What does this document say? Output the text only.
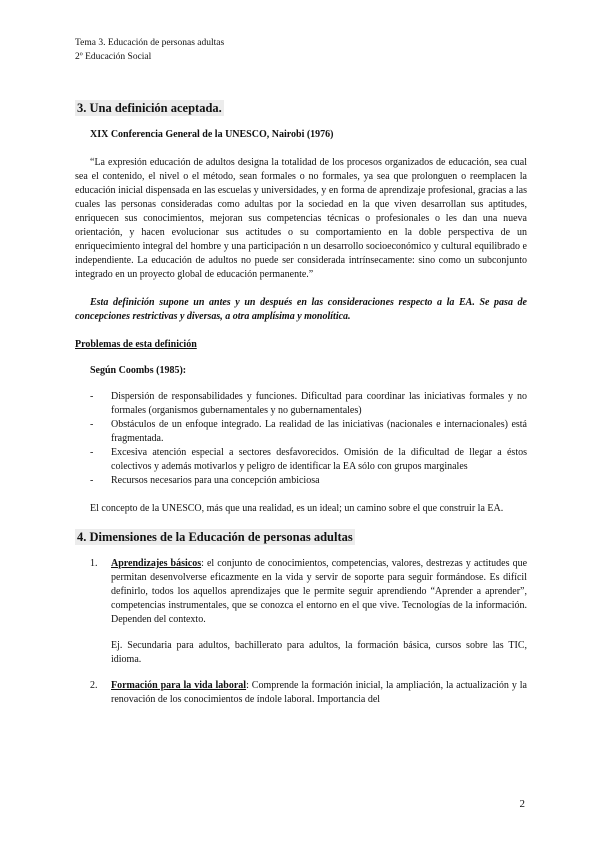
Tema 3. Educación de personas adultas
2º Educación Social
3. Una definición aceptada.

XIX Conferencia General de la UNESCO, Nairobi (1976)

“La expresión educación de adultos designa la totalidad de los procesos organizados de educación, sea cual sea el contenido, el nivel o el método, sean formales o no formales, ya sea que prolonguen o reemplacen la educación inicial dispensada en las escuelas y universidades, y en forma de aprendizaje profesional, gracias a las cuales las personas consideradas como adultas por la sociedad en la que viven desarrollan sus aptitudes, enriquecen sus conocimientos, mejoran sus competencias técnicas o profesionales o les dan una nueva orientación, y hacen evolucionar sus actitudes o su comportamiento en la doble perspectiva de un enriquecimiento integral del hombre y una participación n un desarrollo socioeconómico y cultural equilibrado e independiente. La educación de adultos no puede ser considerada intrínsecamente: sino como un subconjunto integrado en un proyecto global de educación permanente.”

Esta definición supone un antes y un después en las consideraciones respecto a la EA. Se pasa de concepciones restrictivas y diversas, a otra amplísima y monolítica.

Problemas de esta definición

Según Coombs (1985):

- Dispersión de responsabilidades y funciones. Dificultad para coordinar las iniciativas formales y no formales (organismos gubernamentales y no gubernamentales)
- Obstáculos de un enfoque integrado. La realidad de las iniciativas (nacionales e internacionales) está fragmentada.
- Excesiva atención especial a sectores desfavorecidos. Omisión de la dificultad de llegar a éstos colectivos y además motivarlos y peligro de identificar la EA sólo con grupos marginales
- Recursos necesarios para una concepción ambiciosa

El concepto de la UNESCO, más que una realidad, es un ideal; un camino sobre el que construir la EA.

4. Dimensiones de la Educación de personas adultas
1. Aprendizajes básicos: el conjunto de conocimientos, competencias, valores, destrezas y actitudes que permitan desenvolverse eficazmente en la vida y servir de soporte para seguir formándose. Es difícil definirlo, todos los aquellos aprendizajes que le permite seguir aprendiendo “Aprender a aprender”, competencias instrumentales, que se conozca el entorno en el que vive. Tecnologías de la información. Dependen del contexto.

Ej. Secundaria para adultos, bachillerato para adultos, la formación básica, cursos sobre las TIC, idioma.

2. Formación para la vida laboral: Comprende la formación inicial, la ampliación, la actualización y la renovación de los conocimientos de índole laboral. Importancia del
2
